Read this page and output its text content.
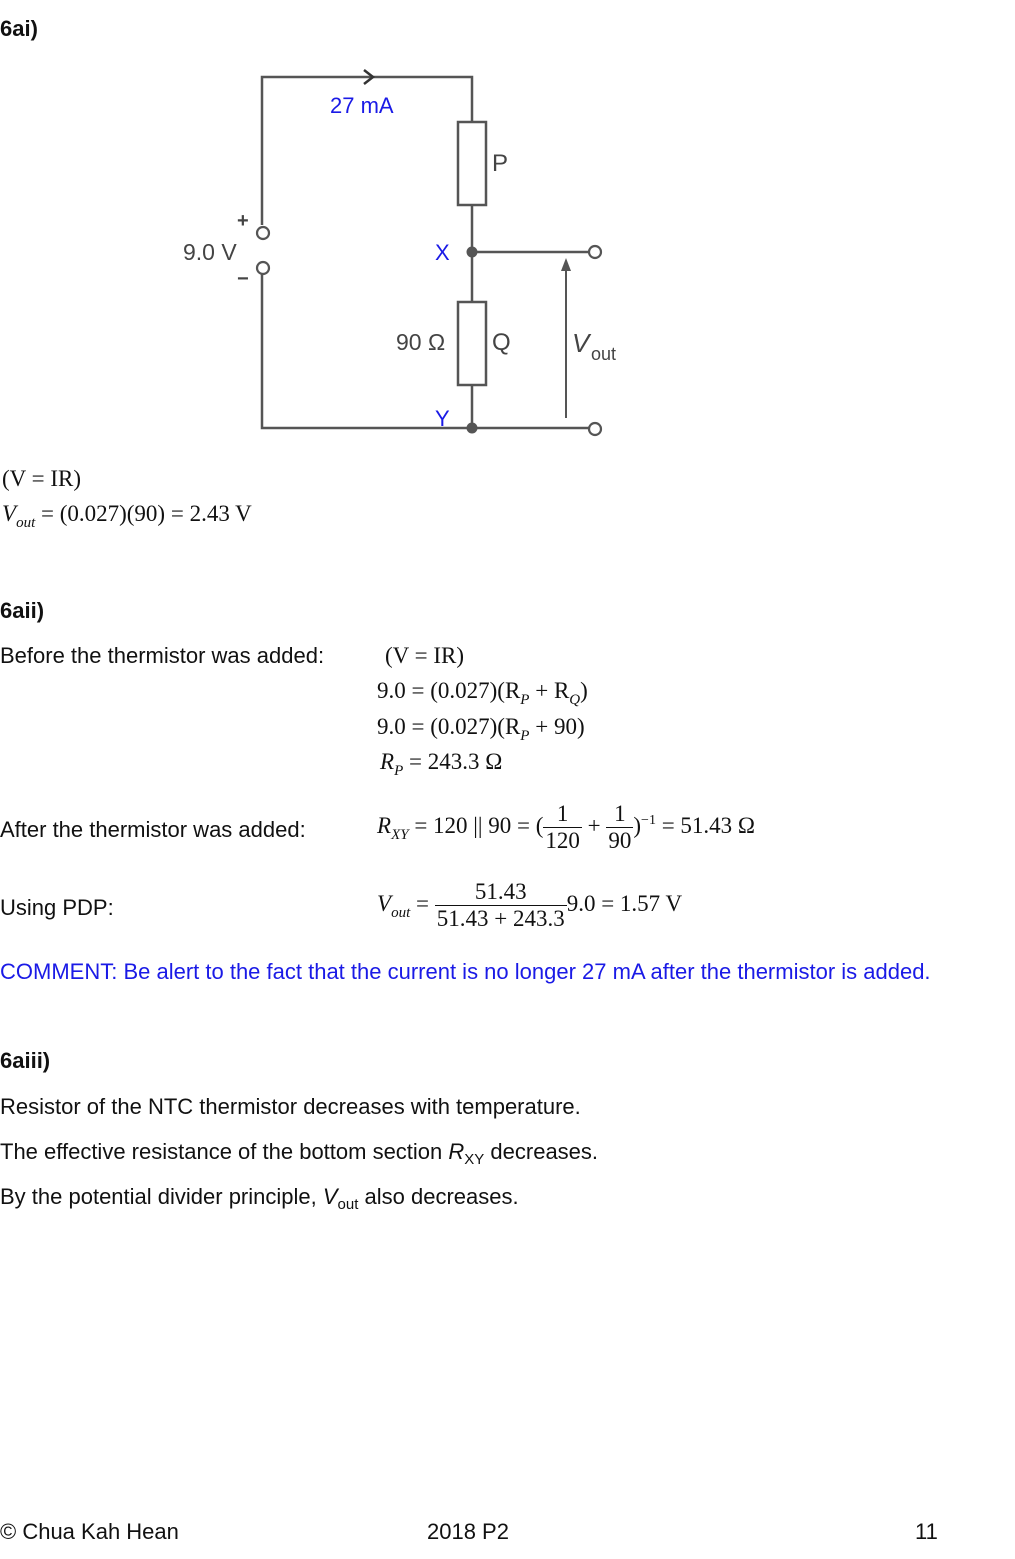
6ai)
27 mA
P
Q
X
Y
90 Ω
9.0 V
+
−
V out
(V = IR)
$V_{out} = (0.027)(90) = 2.43$ V
6aii)
Before the thermistor was added:	(V = IR)
$9.0 = (0.027)(R_P + R_Q)$
$9.0 = (0.027)(R_P + 90)$
$R_P = 243.3$ Ω
After the thermistor was added:	$R_{XY} = 120$ || 90 = ( $\frac{1}{120} + \frac{1}{90} )^{-1} = 51.43$ Ω
Using PDP:	$V_{out} = \frac{51.43}{51.43 + 243.3} 9.0 = 1.57$ V
COMMENT: Be alert to the fact that the current is no longer 27 mA after the thermistor is added.
6aiii)
Resistor of the NTC thermistor decreases with temperature.
The effective resistance of the bottom section $R_{XY}$ decreases.
By the potential divider principle, $V_{out}$ also decreases.
© Chua Kah Hean	2018 P2	11
